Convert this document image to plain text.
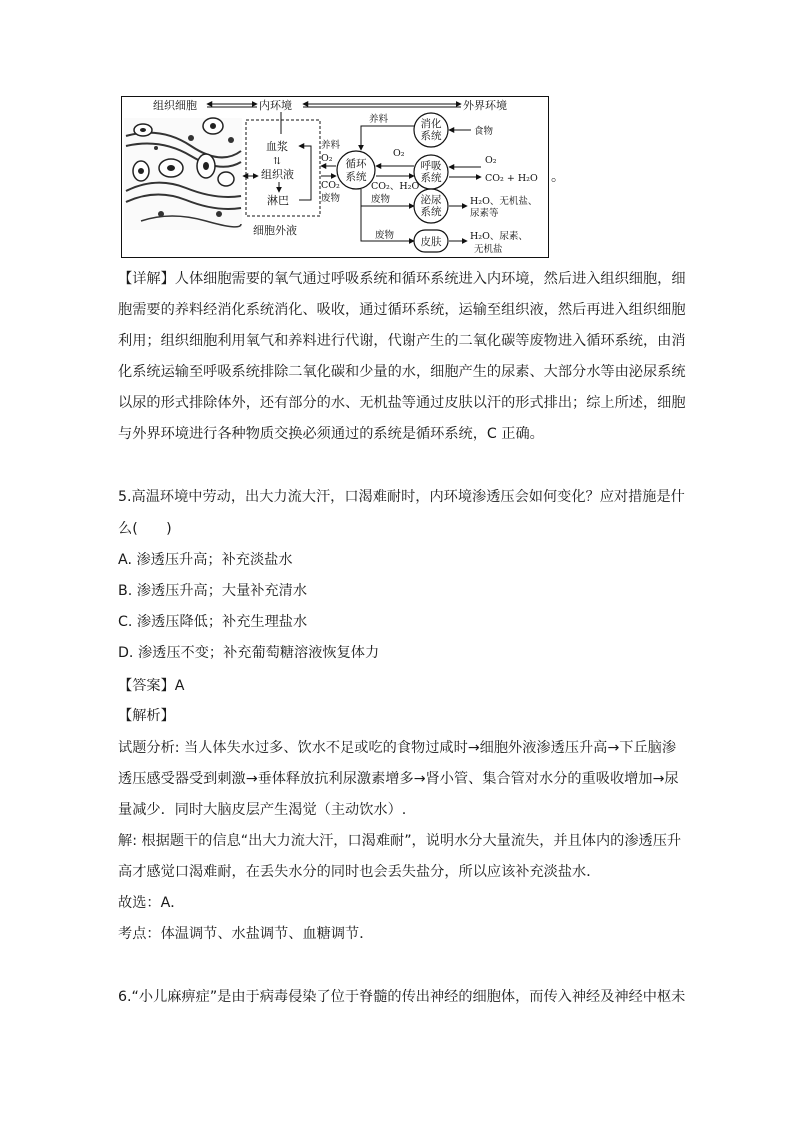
组织细胞	内环境	外界环境
血浆
⇅
组织液
淋巴
细胞外液
养料
O₂
CO₂
废物
循环
系统
消化
系统
养料
食物
呼吸
系统
O₂
CO₂、H₂O
O₂
CO₂ + H₂O
泌尿
系统
废物	H₂O、无机盐、
尿素等
皮肤
废物	H₂O、尿素、
无机盐
。
【详解】人体细胞需要的氧气通过呼吸系统和循环系统进入内环境，然后进入组织细胞，细
胞需要的养料经消化系统消化、吸收，通过循环系统，运输至组织液，然后再进入组织细胞
利用；组织细胞利用氧气和养料进行代谢，代谢产生的二氧化碳等废物进入循环系统，由消
化系统运输至呼吸系统排除二氧化碳和少量的水，细胞产生的尿素、大部分水等由泌尿系统
以尿的形式排除体外，还有部分的水、无机盐等通过皮肤以汗的形式排出；综上所述，细胞
与外界环境进行各种物质交换必须通过的系统是循环系统，C 正确。
5.高温环境中劳动，出大力流大汗，口渴难耐时，内环境渗透压会如何变化？应对措施是什
么(　　)
A. 渗透压升高；补充淡盐水
B. 渗透压升高；大量补充清水
C. 渗透压降低；补充生理盐水
D. 渗透压不变；补充葡萄糖溶液恢复体力
【答案】A
【解析】
试题分析: 当人体失水过多、饮水不足或吃的食物过咸时→细胞外液渗透压升高→下丘脑渗
透压感受器受到刺激→垂体释放抗利尿激素增多→肾小管、集合管对水分的重吸收增加→尿
量减少．同时大脑皮层产生渴觉（主动饮水）.
解: 根据题干的信息“出大力流大汗，口渴难耐”，说明水分大量流失，并且体内的渗透压升
高才感觉口渴难耐，在丢失水分的同时也会丢失盐分，所以应该补充淡盐水．
故选：A．
考点：体温调节、水盐调节、血糖调节．
6.“小儿麻痹症”是由于病毒侵染了位于脊髓的传出神经的细胞体，而传入神经及神经中枢未
